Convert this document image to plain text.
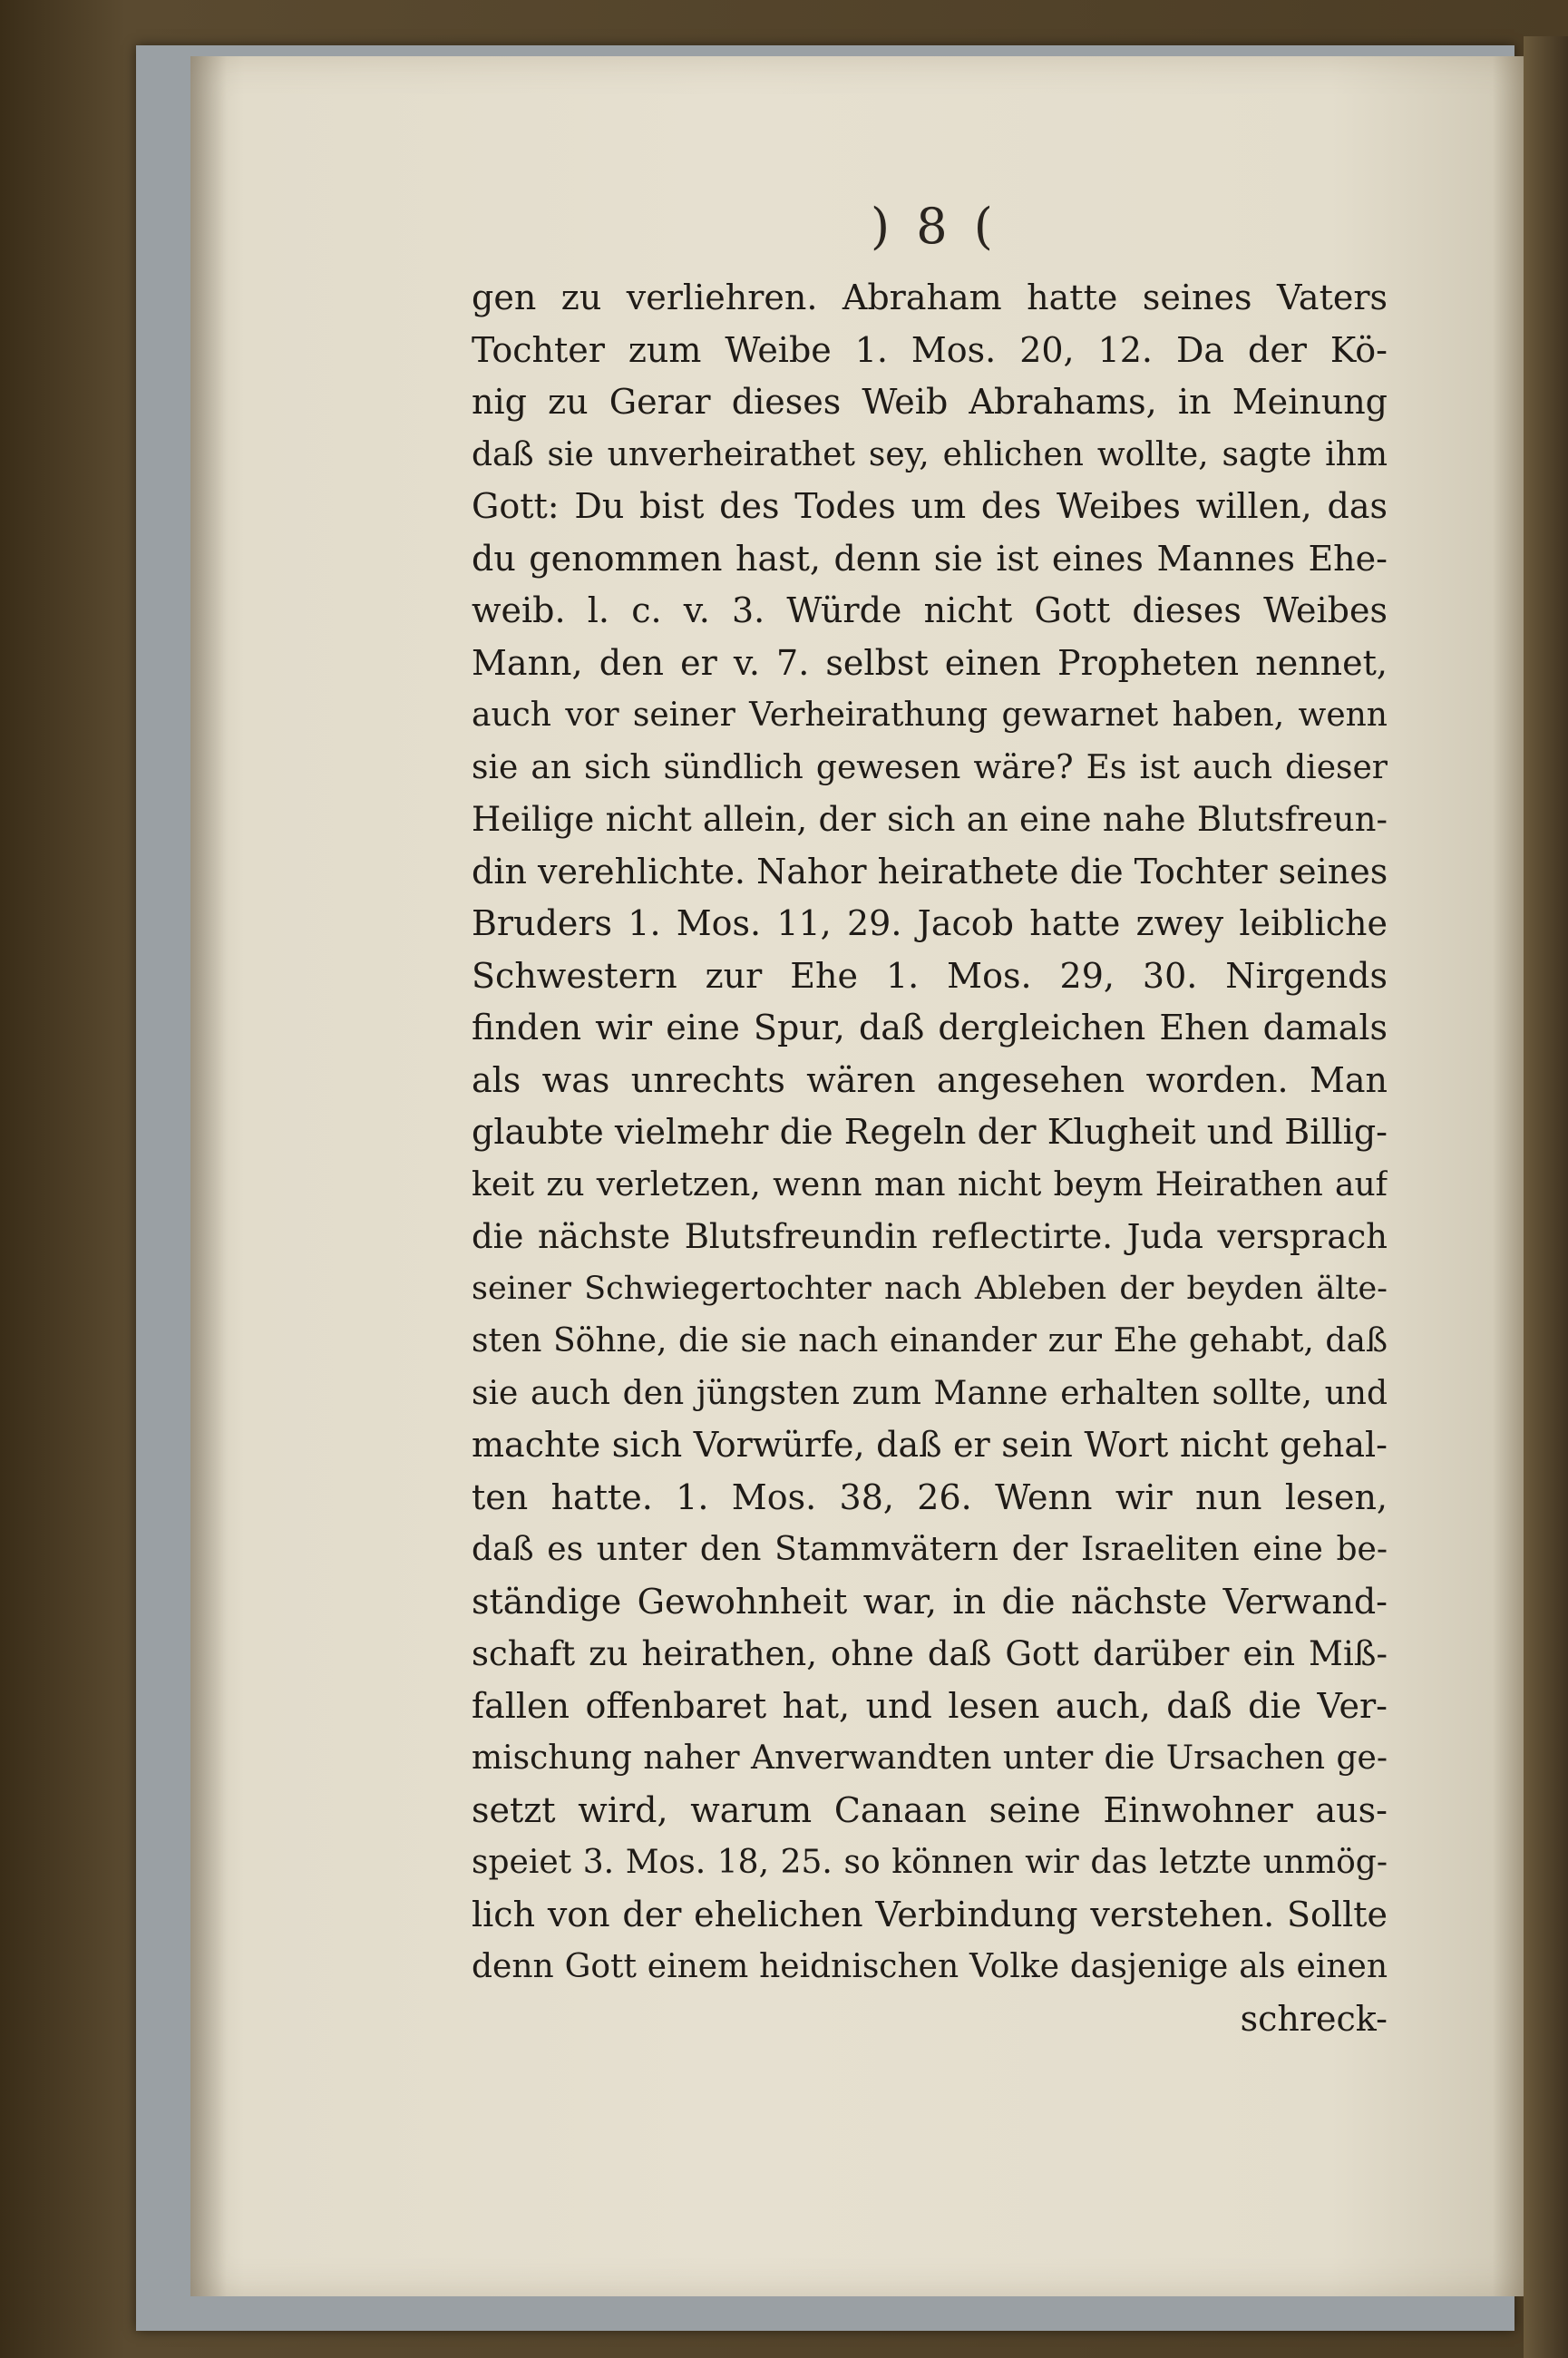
) 8 (
gen zu verliehren. Abraham hatte seines Vaters
Tochter zum Weibe 1. Mos. 20, 12. Da der Kö-
nig zu Gerar dieses Weib Abrahams, in Meinung
daß sie unverheirathet sey, ehlichen wollte, sagte ihm
Gott: Du bist des Todes um des Weibes willen, das
du genommen hast, denn sie ist eines Mannes Ehe-
weib. l. c. v. 3. Würde nicht Gott dieses Weibes
Mann, den er v. 7. selbst einen Propheten nennet,
auch vor seiner Verheirathung gewarnet haben, wenn
sie an sich sündlich gewesen wäre? Es ist auch dieser
Heilige nicht allein, der sich an eine nahe Blutsfreun-
din verehlichte. Nahor heirathete die Tochter seines
Bruders 1. Mos. 11, 29. Jacob hatte zwey leibliche
Schwestern zur Ehe 1. Mos. 29, 30. Nirgends
finden wir eine Spur, daß dergleichen Ehen damals
als was unrechts wären angesehen worden. Man
glaubte vielmehr die Regeln der Klugheit und Billig-
keit zu verletzen, wenn man nicht beym Heirathen auf
die nächste Blutsfreundin reflectirte. Juda versprach
seiner Schwiegertochter nach Ableben der beyden älte-
sten Söhne, die sie nach einander zur Ehe gehabt, daß
sie auch den jüngsten zum Manne erhalten sollte, und
machte sich Vorwürfe, daß er sein Wort nicht gehal-
ten hatte. 1. Mos. 38, 26. Wenn wir nun lesen,
daß es unter den Stammvätern der Israeliten eine be-
ständige Gewohnheit war, in die nächste Verwand-
schaft zu heirathen, ohne daß Gott darüber ein Miß-
fallen offenbaret hat, und lesen auch, daß die Ver-
mischung naher Anverwandten unter die Ursachen ge-
setzt wird, warum Canaan seine Einwohner aus-
speiet 3. Mos. 18, 25. so können wir das letzte unmög-
lich von der ehelichen Verbindung verstehen. Sollte
denn Gott einem heidnischen Volke dasjenige als einen
schreck-
